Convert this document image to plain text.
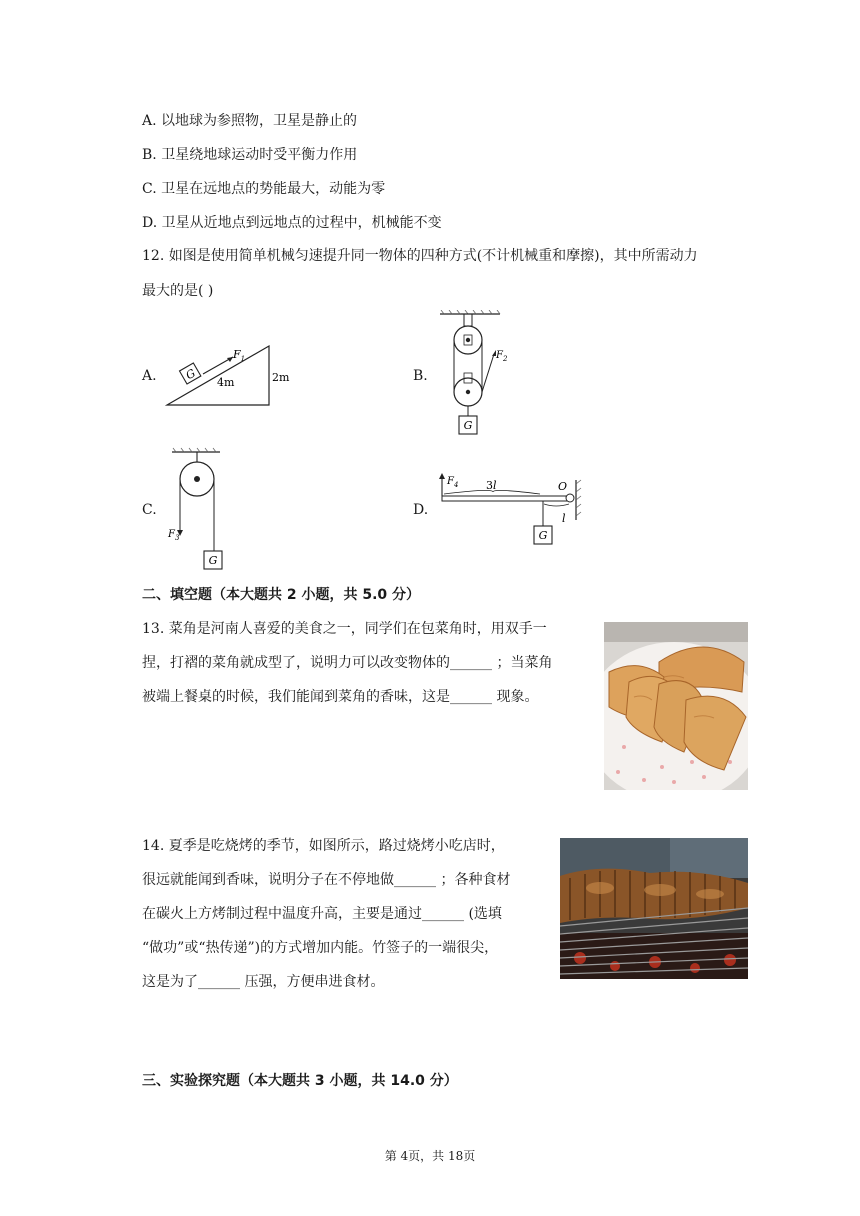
A. 以地球为参照物，卫星是静止的
B. 卫星绕地球运动时受平衡力作用
C. 卫星在远地点的势能最大，动能为零
D. 卫星从近地点到远地点的过程中，机械能不变
12. 如图是使用简单机械匀速提升同一物体的四种方式(不计机械重和摩擦)，其中所需动力
最大的是( )
A.	B.
C.	D.
G
$F_1$
4m	2m
$F_2$
G
$F_3$
G
$F_4$	3l	O
l
G
二、填空题（本大题共 2 小题，共 5.0 分）
13. 菜角是河南人喜爱的美食之一，同学们在包菜角时，用双手一
捏，打褶的菜角就成型了，说明力可以改变物体的______ ；当菜角
被端上餐桌的时候，我们能闻到菜角的香味，这是______ 现象。
14. 夏季是吃烧烤的季节，如图所示，路过烧烤小吃店时，
很远就能闻到香味，说明分子在不停地做______ ；各种食材
在碳火上方烤制过程中温度升高，主要是通过______ (选填
“做功”或“热传递”)的方式增加内能。竹签子的一端很尖，
这是为了______ 压强，方便串进食材。
三、实验探究题（本大题共 3 小题，共 14.0 分）
第 4页，共 18页
